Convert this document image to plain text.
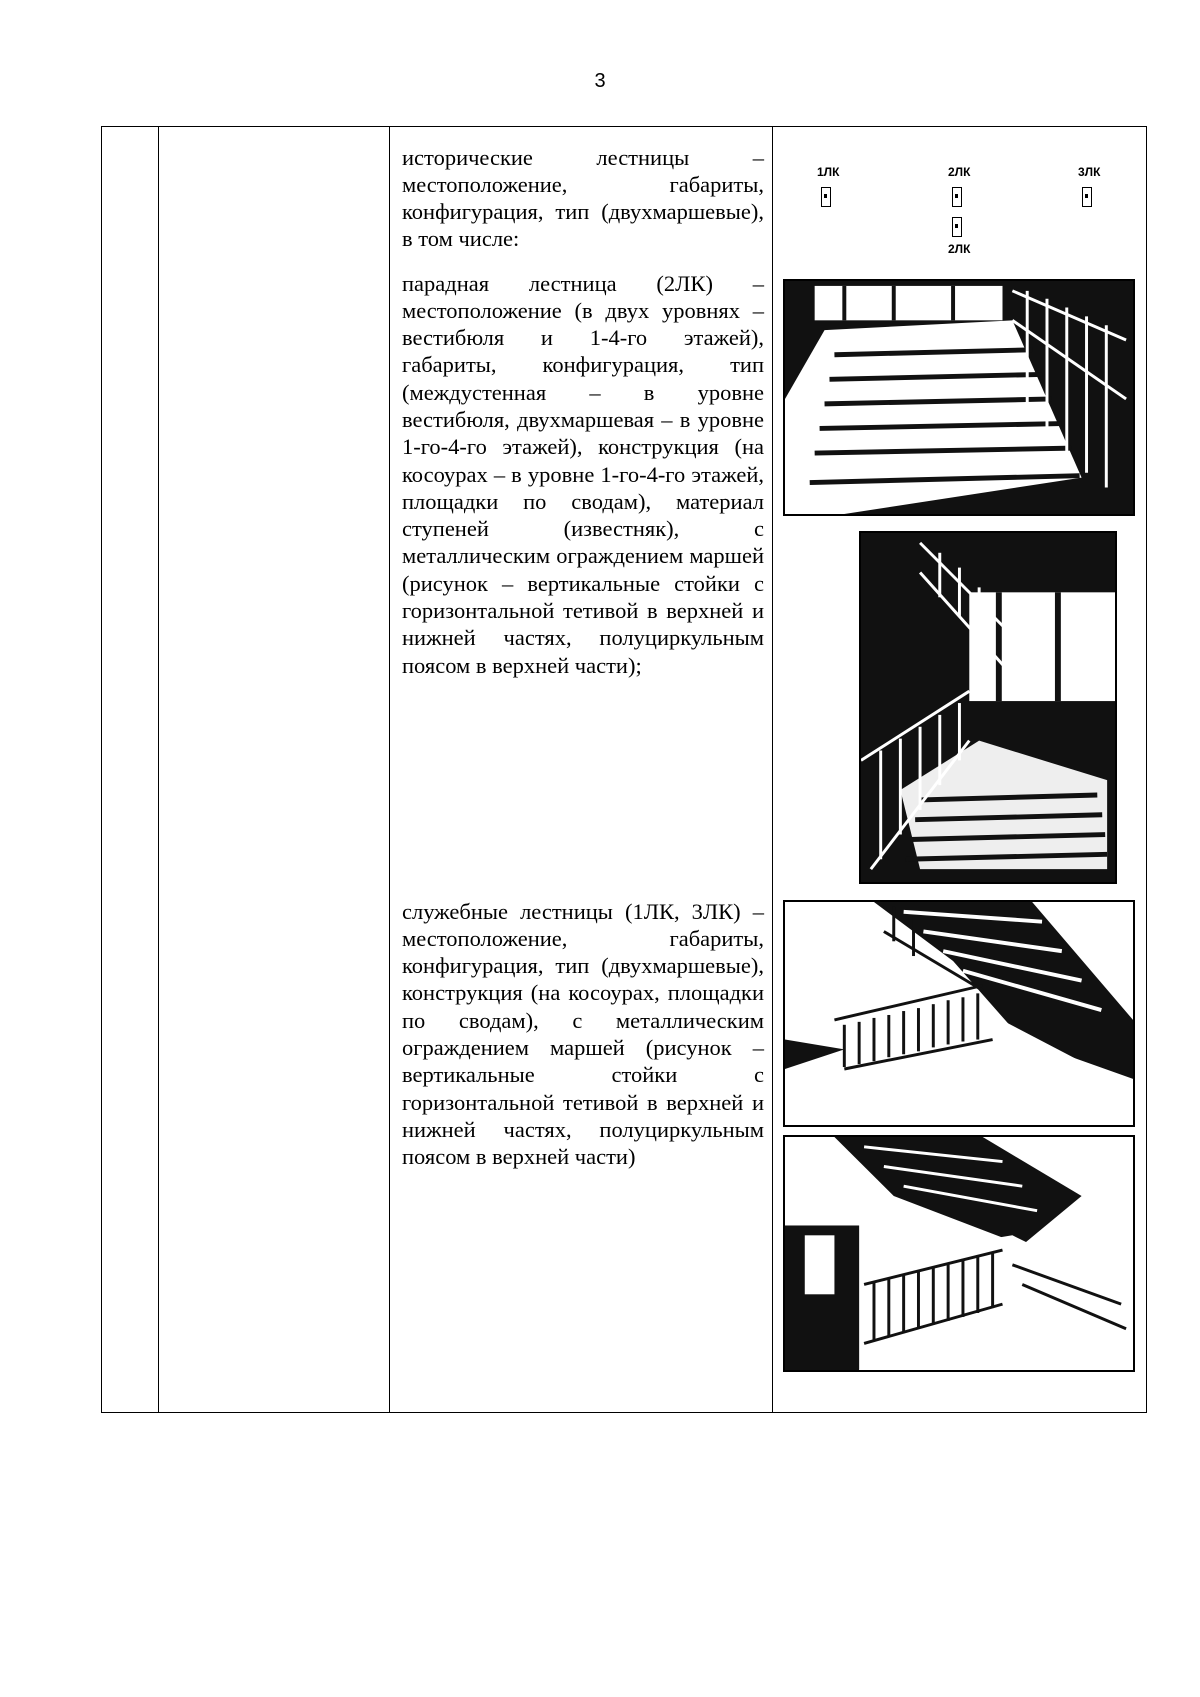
3

исторические лестницы – местоположение, габариты, конфигурация, тип (двухмаршевые), в том числе:

парадная лестница (2ЛК) – местоположение (в двух уровнях – вестибюля и 1-4-го этажей), габариты, конфигурация, тип (междустенная – в уровне вестибюля, двухмаршевая – в уровне 1-го-4-го этажей), конструкция (на косоурах – в уровне 1-го-4-го этажей, площадки по сводам), материал ступеней (известняк), с металлическим ограждением маршей (рисунок – вертикальные стойки с горизонтальной тетивой в верхней и нижней частях, полуциркульным поясом в верхней части);

служебные лестницы (1ЛК, 3ЛК) – местоположение, габариты, конфигурация, тип (двухмаршевые), конструкция (на косоурах, площадки по сводам), с металлическим ограждением маршей (рисунок – вертикальные стойки с горизонтальной тетивой в верхней и нижней частях, полуциркульным поясом в верхней части)

1ЛК	2ЛК	3ЛК
2ЛК
